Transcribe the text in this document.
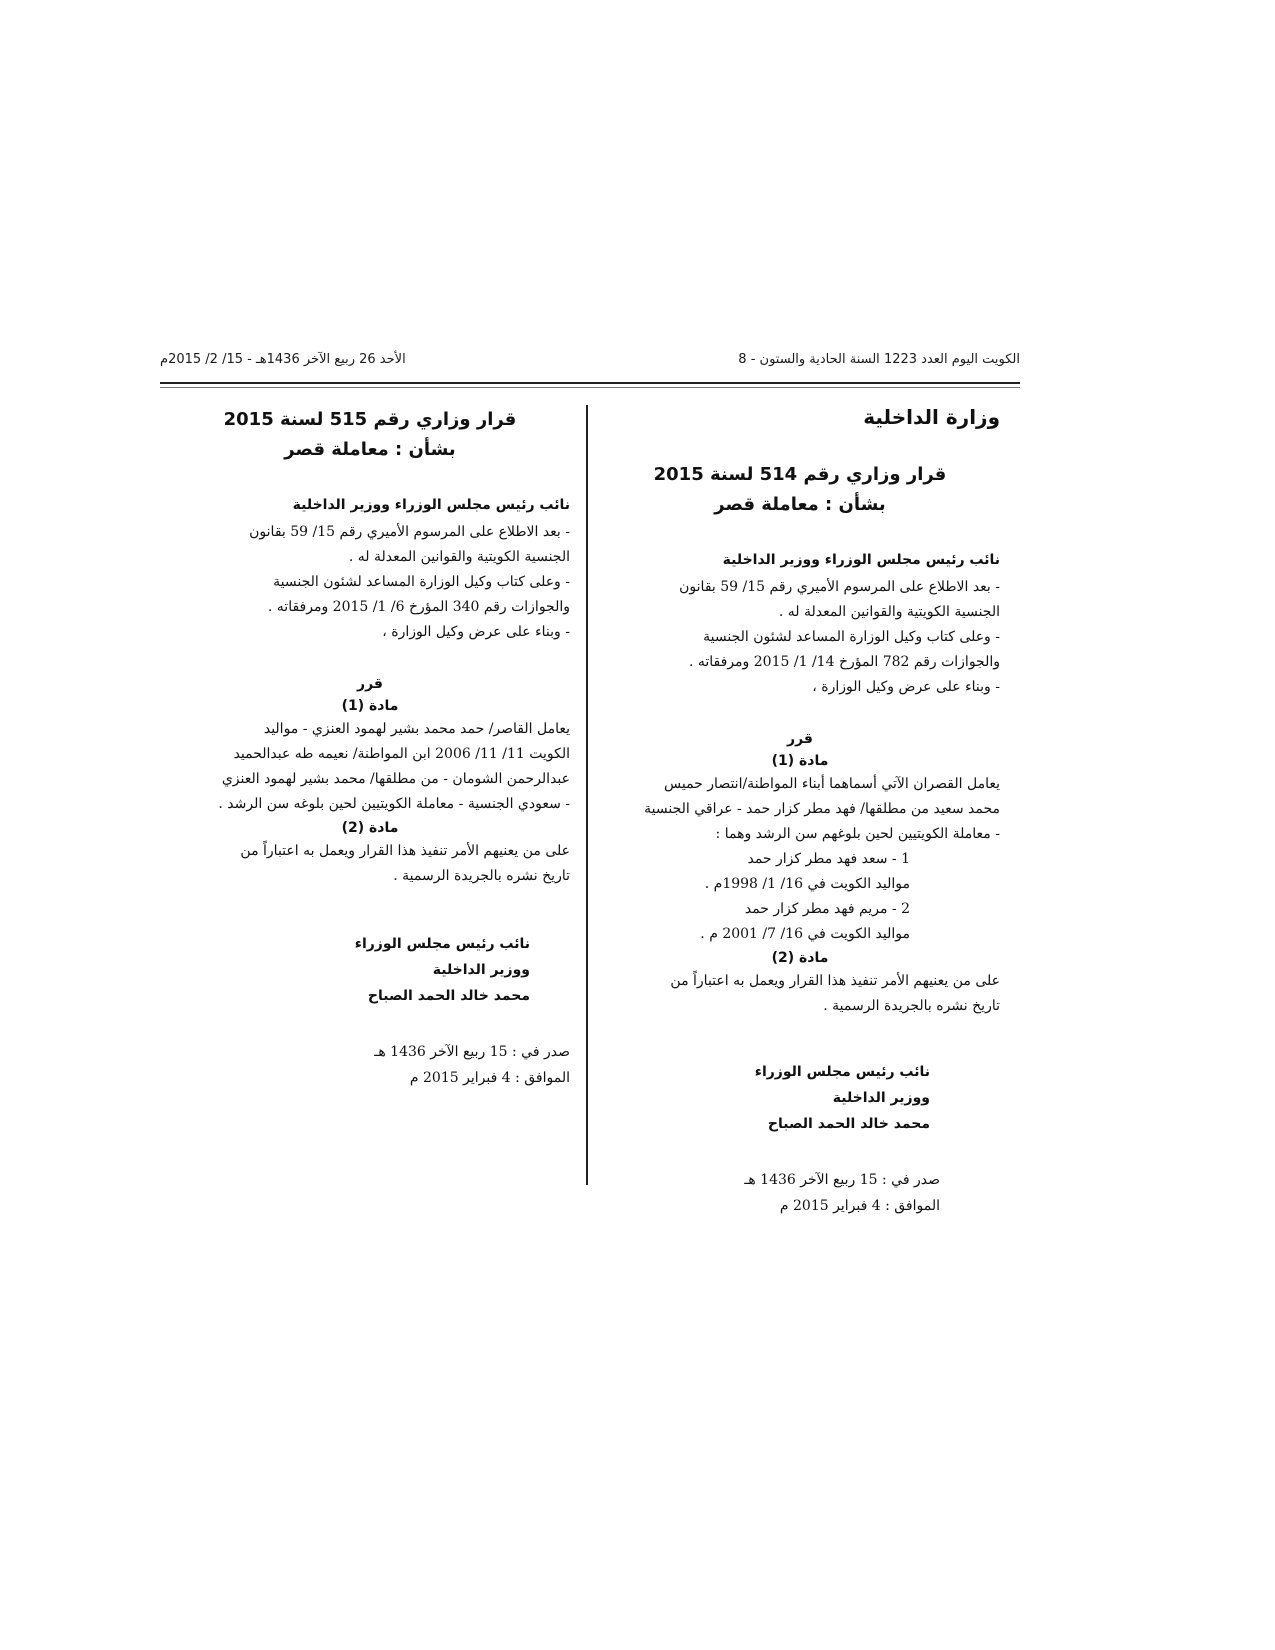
الكويت اليوم العدد 1223 السنة الحادية والستون - 8
الأحد 26 ربيع الآخر 1436هـ - 15/ 2/ 2015م
وزارة الداخلية
قرار وزاري رقم 514 لسنة 2015
بشأن : معاملة قصر
نائب رئيس مجلس الوزراء ووزير الداخلية
- بعد الاطلاع على المرسوم الأميري رقم 15/ 59 بقانون
الجنسية الكويتية والقوانين المعدلة له .
- وعلى كتاب وكيل الوزارة المساعد لشئون الجنسية
والجوازات رقم 782 المؤرخ 14/ 1/ 2015 ومرفقاته .
- وبناء على عرض وكيل الوزارة ،
قرر
مادة (1)
يعامل القصران الآتي أسماهما أبناء المواطنة/انتصار حميس
محمد سعيد من مطلقها/ فهد مطر كزار حمد - عراقي الجنسية
- معاملة الكويتيين لحين بلوغهم سن الرشد وهما :
1 - سعد فهد مطر كزار حمد
مواليد الكويت في 16/ 1/ 1998م .
2 - مريم فهد مطر كزار حمد
مواليد الكويت في 16/ 7/ 2001 م .
مادة (2)
على من يعنيهم الأمر تنفيذ هذا القرار ويعمل به اعتباراً من
تاريخ نشره بالجريدة الرسمية .
نائب رئيس مجلس الوزراء
ووزير الداخلية
محمد خالد الحمد الصباح
صدر في : 15 ربيع الآخر 1436 هـ
الموافق : 4 فبراير 2015 م
قرار وزاري رقم 515 لسنة 2015
بشأن : معاملة قصر
نائب رئيس مجلس الوزراء ووزير الداخلية
- بعد الاطلاع على المرسوم الأميري رقم 15/ 59 بقانون
الجنسية الكويتية والقوانين المعدلة له .
- وعلى كتاب وكيل الوزارة المساعد لشئون الجنسية
والجوازات رقم 340 المؤرخ 6/ 1/ 2015 ومرفقاته .
- وبناء على عرض وكيل الوزارة ،
قرر
مادة (1)
يعامل القاصر/ حمد محمد بشير لهمود العنزي - مواليد
الكويت 11/ 11/ 2006 ابن المواطنة/ نعيمه طه عبدالحميد
عبدالرحمن الشومان - من مطلقها/ محمد بشير لهمود العنزي
- سعودي الجنسية - معاملة الكويتيين لحين بلوغه سن الرشد .
مادة (2)
على من يعنيهم الأمر تنفيذ هذا القرار ويعمل به اعتباراً من
تاريخ نشره بالجريدة الرسمية .
نائب رئيس مجلس الوزراء
ووزير الداخلية
محمد خالد الحمد الصباح
صدر في : 15 ربيع الآخر 1436 هـ
الموافق : 4 فبراير 2015 م
